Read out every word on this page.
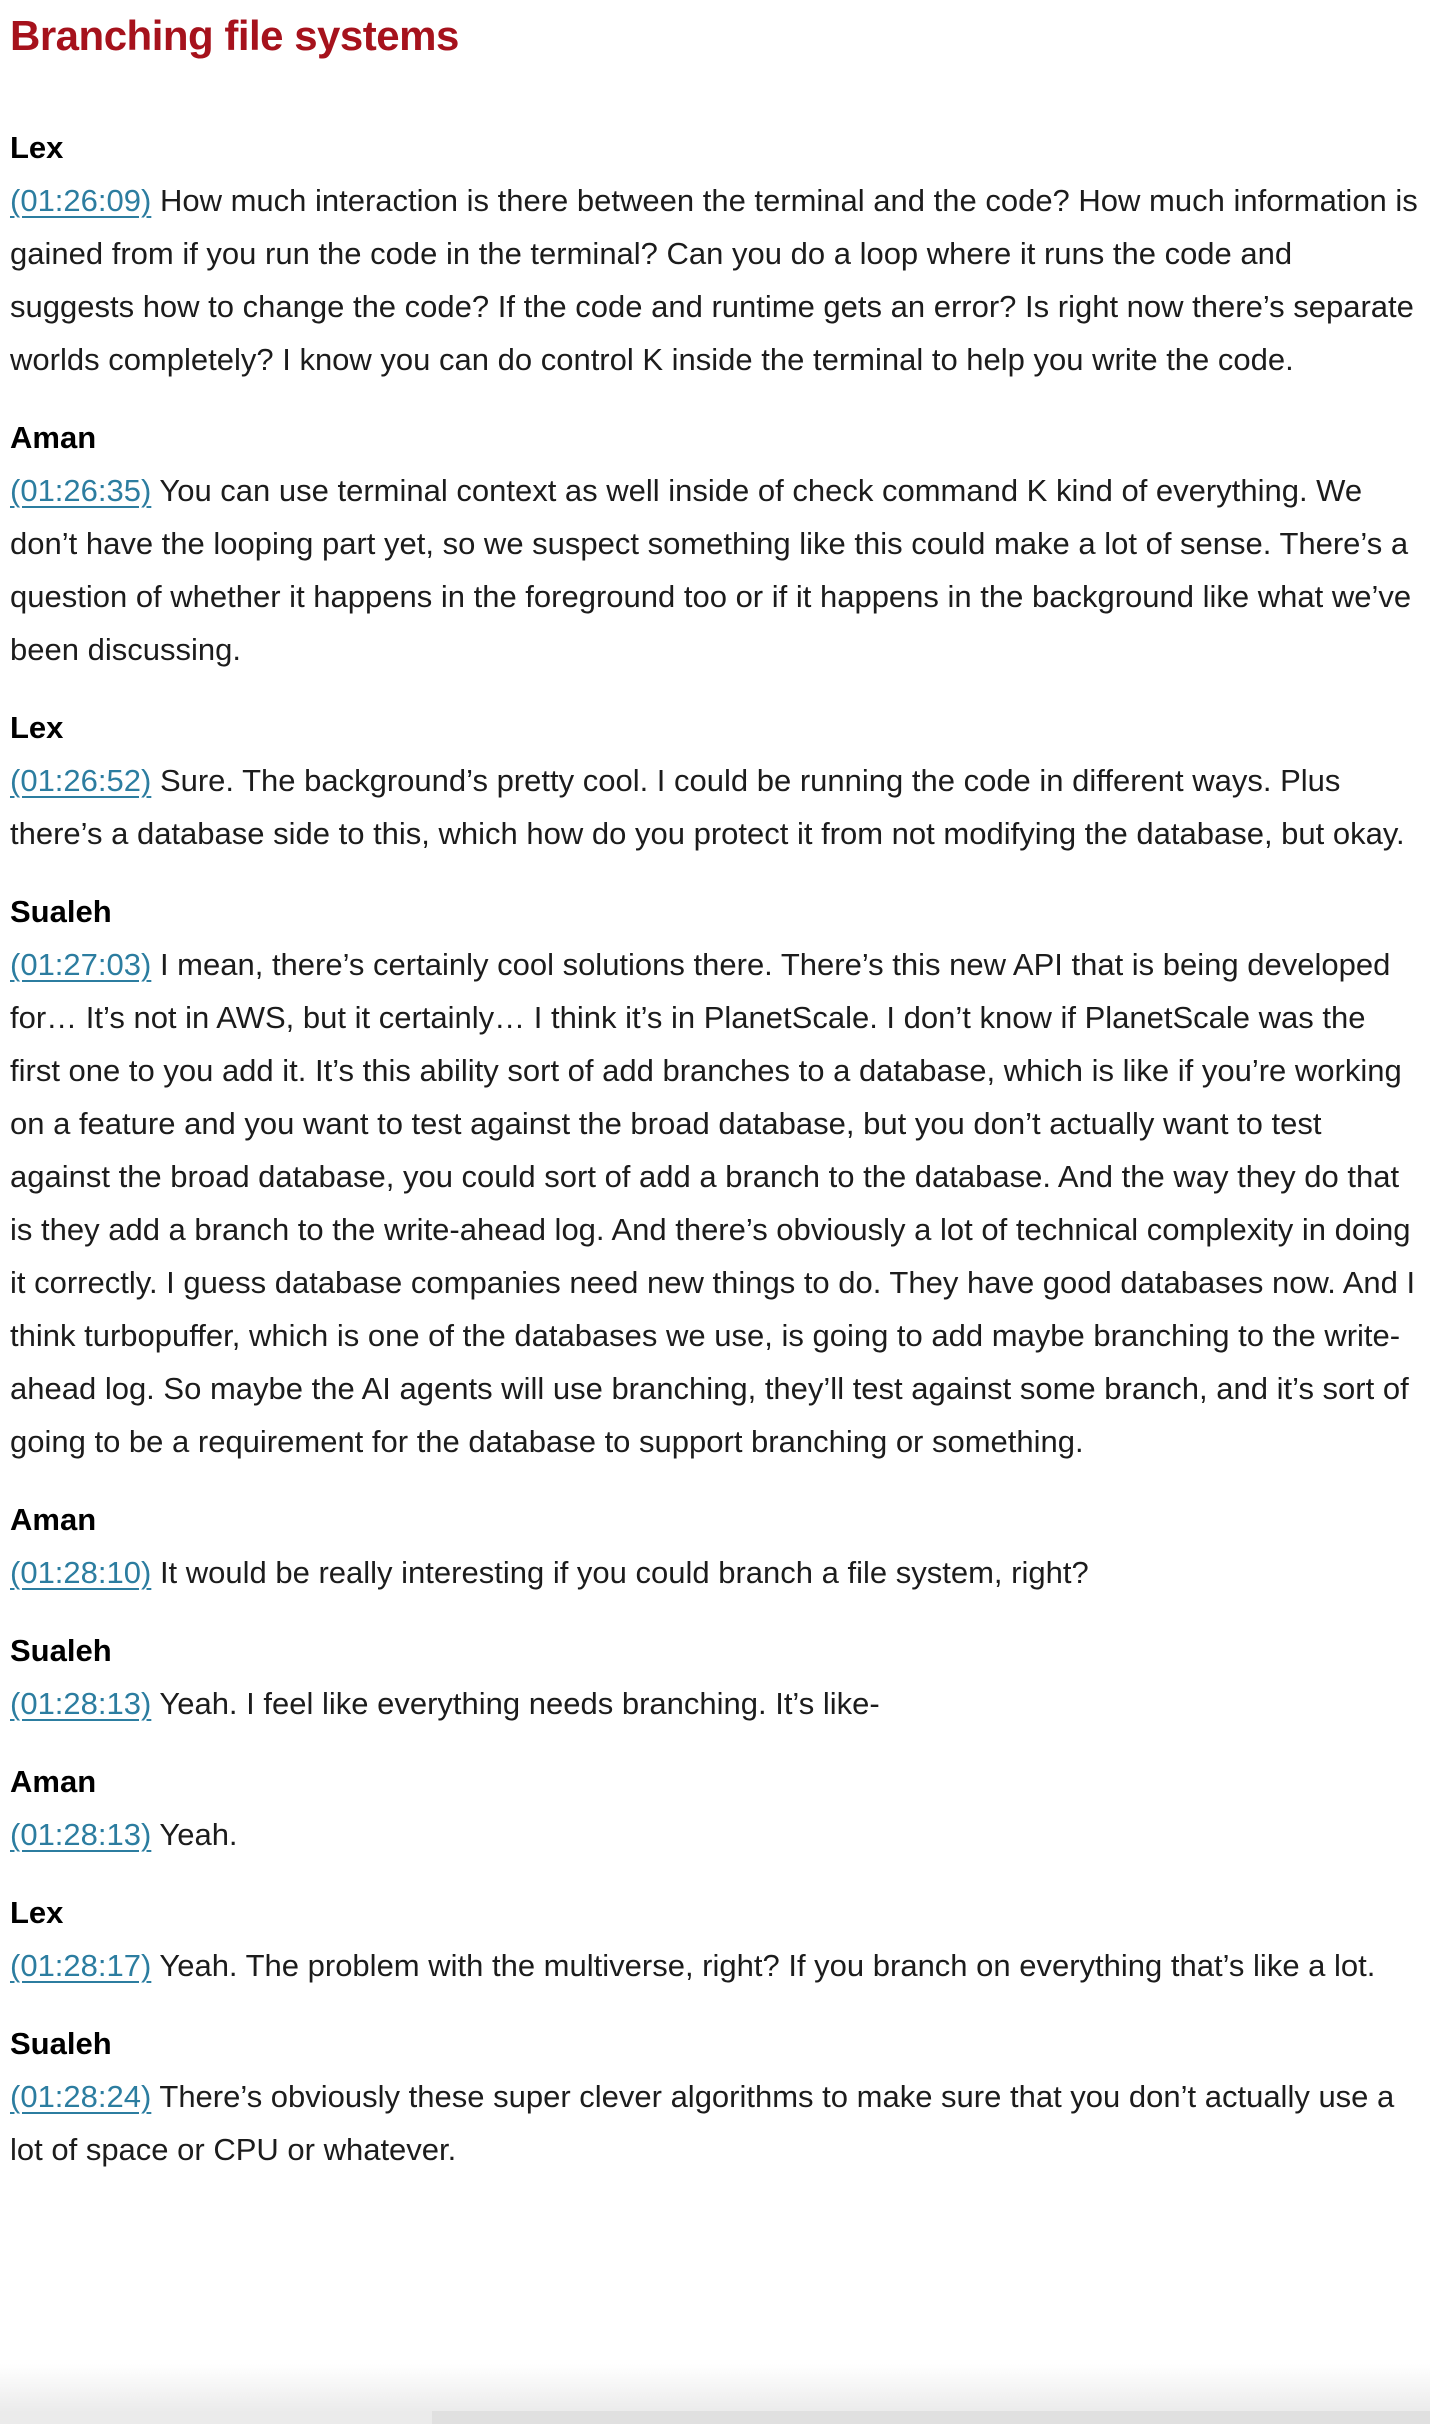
Branching file systems

Lex

(01:26:09) How much interaction is there between the terminal and the code? How much information is gained from if you run the code in the terminal? Can you do a loop where it runs the code and suggests how to change the code? If the code and runtime gets an error? Is right now there’s separate worlds completely? I know you can do control K inside the terminal to help you write the code.

Aman

(01:26:35) You can use terminal context as well inside of check command K kind of everything. We don’t have the looping part yet, so we suspect something like this could make a lot of sense. There’s a question of whether it happens in the foreground too or if it happens in the background like what we’ve been discussing.

Lex

(01:26:52) Sure. The background’s pretty cool. I could be running the code in different ways. Plus there’s a database side to this, which how do you protect it from not modifying the database, but okay.

Sualeh

(01:27:03) I mean, there’s certainly cool solutions there. There’s this new API that is being developed for… It’s not in AWS, but it certainly… I think it’s in PlanetScale. I don’t know if PlanetScale was the first one to you add it. It’s this ability sort of add branches to a database, which is like if you’re working on a feature and you want to test against the broad database, but you don’t actually want to test against the broad database, you could sort of add a branch to the database. And the way they do that is they add a branch to the write-ahead log. And there’s obviously a lot of technical complexity in doing it correctly. I guess database companies need new things to do. They have good databases now. And I think turbopuffer, which is one of the databases we use, is going to add maybe branching to the write-ahead log. So maybe the AI agents will use branching, they’ll test against some branch, and it’s sort of going to be a requirement for the database to support branching or something.

Aman

(01:28:10) It would be really interesting if you could branch a file system, right?

Sualeh

(01:28:13) Yeah. I feel like everything needs branching. It’s like-

Aman

(01:28:13) Yeah.

Lex

(01:28:17) Yeah. The problem with the multiverse, right? If you branch on everything that’s like a lot.

Sualeh

(01:28:24) There’s obviously these super clever algorithms to make sure that you don’t actually use a lot of space or CPU or whatever.
